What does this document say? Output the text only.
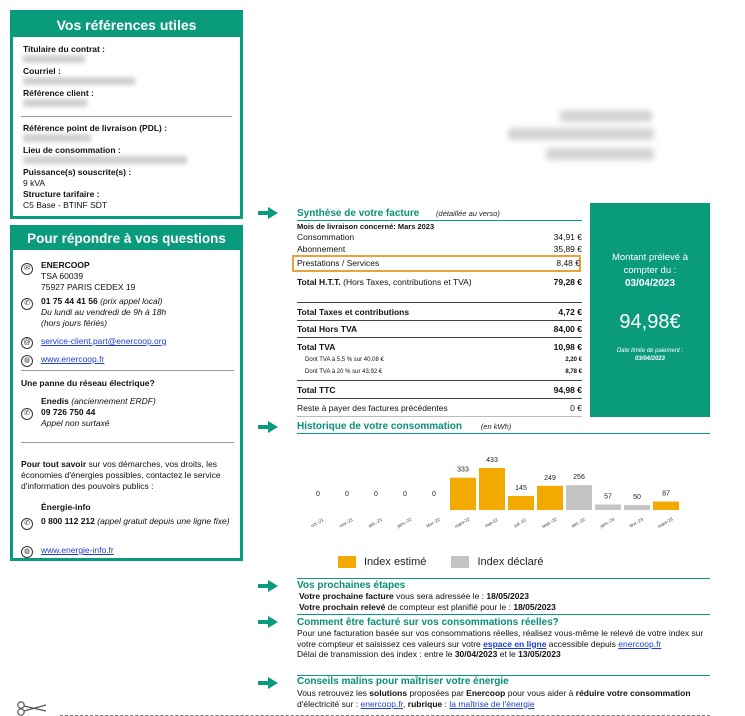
Vos références utiles
Titulaire du contrat :
Courriel :
Référence client :
Référence point de livraison (PDL) :
Lieu de consommation :
Puissance(s) souscrite(s) :
9 kVA
Structure tarifaire :
C5 Base - BTINF SDT
Pour répondre à vos questions
✉	ENERCOOP
TSA 60039
75927 PARIS CEDEX 19
✆	01 75 44 41 56 (prix appel local)
Du lundi au vendredi de 9h à 18h
(hors jours fériés)
@ service-client.part@enercoop.org
◍	www.enercoop.fr
Une panne du réseau électrique?
✆
Enedis (anciennement ERDF)
09 726 750 44
Appel non surtaxé
Pour tout savoir sur vos démarches, vos droits, les économies d'énergies possibles, contactez le service d'information des pouvoirs publics :
Énergie-info
✆	0 800 112 212 (appel gratuit depuis une ligne fixe)
◍	www.energie-info.fr
Synthèse de votre facture (détaillée au verso)
Mois de livraison concerné: Mars 2023
Consommation	34,91 €
Abonnement	35,89 €
Prestations / Services	8,48 €
Total H.T.T. (Hors Taxes, contributions et TVA)	79,28 €
Total Taxes et contributions	4,72 €
Total Hors TVA	84,00 €
Total TVA	10,98 €
Dont TVA à 5,5 % sur 40,08 €	2,20 €
Dont TVA à 20 % sur 43,92 €	8,78 €
Total TTC	94,98 €
Reste à payer des factures précédentes	0 €
Montant prélevé à compter du :
03/04/2023
94,98€
Date limite de paiement :
03/04/2023
Historique de votre consommation	(en kWh)
0
oct.-21
0
nov.-21
0
déc.-21
0
janv.-22
0
févr.-22
333
mars-22
433
mai-22
145
juil.-22
249
sept.-22
256
déc.-22
57
janv.-23
50
févr.-23
87
mars-23
Index estimé	Index déclaré
Vos prochaines étapes
Votre prochaine facture vous sera adressée le : 18/05/2023
Votre prochain relevé de compteur est planifié pour le : 18/05/2023
Comment être facturé sur vos consommations réelles?
Pour une facturation basée sur vos consommations réelles, réalisez vous-même le relevé de votre index sur votre compteur et saisissez ces valeurs sur votre espace en ligne accessible depuis enercoop.fr
Délai de transmission des index : entre le 30/04/2023 et le 13/05/2023
Conseils malins pour maîtriser votre énergie
Vous retrouvez les solutions proposées par Enercoop pour vous aider à réduire votre consommation d'électricité sur : enercoop.fr, rubrique : la maîtrise de l'énergie
